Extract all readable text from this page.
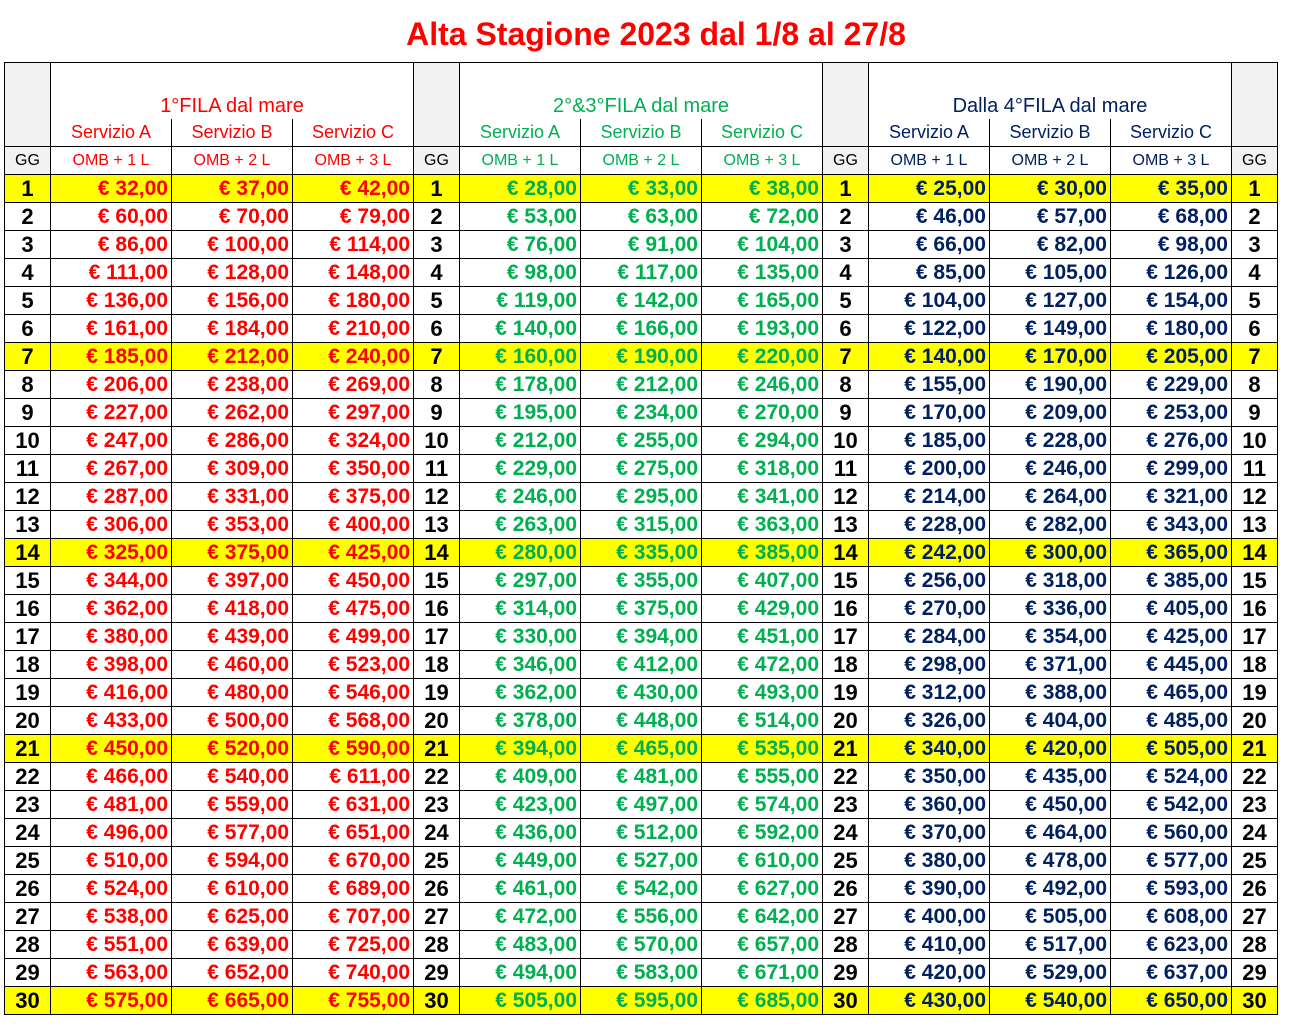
Alta Stagione 2023 dal 1/8 al 27/8
	1°FILA dal mare				2°&3°FILA dal mare				Dalla 4°FILA dal mare			
	Servizio A	Servizio B	Servizio C		Servizio A	Servizio B	Servizio C		Servizio A	Servizio B	Servizio C	
GG	OMB + 1 L	OMB + 2 L	OMB + 3 L	GG	OMB + 1 L	OMB + 2 L	OMB + 3 L	GG	OMB + 1 L	OMB + 2 L	OMB + 3 L	GG
1	€ 32,00	€ 37,00	€ 42,00	1	€ 28,00	€ 33,00	€ 38,00	1	€ 25,00	€ 30,00	€ 35,00	1
2	€ 60,00	€ 70,00	€ 79,00	2	€ 53,00	€ 63,00	€ 72,00	2	€ 46,00	€ 57,00	€ 68,00	2
3	€ 86,00	€ 100,00	€ 114,00	3	€ 76,00	€ 91,00	€ 104,00	3	€ 66,00	€ 82,00	€ 98,00	3
4	€ 111,00	€ 128,00	€ 148,00	4	€ 98,00	€ 117,00	€ 135,00	4	€ 85,00	€ 105,00	€ 126,00	4
5	€ 136,00	€ 156,00	€ 180,00	5	€ 119,00	€ 142,00	€ 165,00	5	€ 104,00	€ 127,00	€ 154,00	5
6	€ 161,00	€ 184,00	€ 210,00	6	€ 140,00	€ 166,00	€ 193,00	6	€ 122,00	€ 149,00	€ 180,00	6
7	€ 185,00	€ 212,00	€ 240,00	7	€ 160,00	€ 190,00	€ 220,00	7	€ 140,00	€ 170,00	€ 205,00	7
8	€ 206,00	€ 238,00	€ 269,00	8	€ 178,00	€ 212,00	€ 246,00	8	€ 155,00	€ 190,00	€ 229,00	8
9	€ 227,00	€ 262,00	€ 297,00	9	€ 195,00	€ 234,00	€ 270,00	9	€ 170,00	€ 209,00	€ 253,00	9
10	€ 247,00	€ 286,00	€ 324,00	10	€ 212,00	€ 255,00	€ 294,00	10	€ 185,00	€ 228,00	€ 276,00	10
11	€ 267,00	€ 309,00	€ 350,00	11	€ 229,00	€ 275,00	€ 318,00	11	€ 200,00	€ 246,00	€ 299,00	11
12	€ 287,00	€ 331,00	€ 375,00	12	€ 246,00	€ 295,00	€ 341,00	12	€ 214,00	€ 264,00	€ 321,00	12
13	€ 306,00	€ 353,00	€ 400,00	13	€ 263,00	€ 315,00	€ 363,00	13	€ 228,00	€ 282,00	€ 343,00	13
14	€ 325,00	€ 375,00	€ 425,00	14	€ 280,00	€ 335,00	€ 385,00	14	€ 242,00	€ 300,00	€ 365,00	14
15	€ 344,00	€ 397,00	€ 450,00	15	€ 297,00	€ 355,00	€ 407,00	15	€ 256,00	€ 318,00	€ 385,00	15
16	€ 362,00	€ 418,00	€ 475,00	16	€ 314,00	€ 375,00	€ 429,00	16	€ 270,00	€ 336,00	€ 405,00	16
17	€ 380,00	€ 439,00	€ 499,00	17	€ 330,00	€ 394,00	€ 451,00	17	€ 284,00	€ 354,00	€ 425,00	17
18	€ 398,00	€ 460,00	€ 523,00	18	€ 346,00	€ 412,00	€ 472,00	18	€ 298,00	€ 371,00	€ 445,00	18
19	€ 416,00	€ 480,00	€ 546,00	19	€ 362,00	€ 430,00	€ 493,00	19	€ 312,00	€ 388,00	€ 465,00	19
20	€ 433,00	€ 500,00	€ 568,00	20	€ 378,00	€ 448,00	€ 514,00	20	€ 326,00	€ 404,00	€ 485,00	20
21	€ 450,00	€ 520,00	€ 590,00	21	€ 394,00	€ 465,00	€ 535,00	21	€ 340,00	€ 420,00	€ 505,00	21
22	€ 466,00	€ 540,00	€ 611,00	22	€ 409,00	€ 481,00	€ 555,00	22	€ 350,00	€ 435,00	€ 524,00	22
23	€ 481,00	€ 559,00	€ 631,00	23	€ 423,00	€ 497,00	€ 574,00	23	€ 360,00	€ 450,00	€ 542,00	23
24	€ 496,00	€ 577,00	€ 651,00	24	€ 436,00	€ 512,00	€ 592,00	24	€ 370,00	€ 464,00	€ 560,00	24
25	€ 510,00	€ 594,00	€ 670,00	25	€ 449,00	€ 527,00	€ 610,00	25	€ 380,00	€ 478,00	€ 577,00	25
26	€ 524,00	€ 610,00	€ 689,00	26	€ 461,00	€ 542,00	€ 627,00	26	€ 390,00	€ 492,00	€ 593,00	26
27	€ 538,00	€ 625,00	€ 707,00	27	€ 472,00	€ 556,00	€ 642,00	27	€ 400,00	€ 505,00	€ 608,00	27
28	€ 551,00	€ 639,00	€ 725,00	28	€ 483,00	€ 570,00	€ 657,00	28	€ 410,00	€ 517,00	€ 623,00	28
29	€ 563,00	€ 652,00	€ 740,00	29	€ 494,00	€ 583,00	€ 671,00	29	€ 420,00	€ 529,00	€ 637,00	29
30	€ 575,00	€ 665,00	€ 755,00	30	€ 505,00	€ 595,00	€ 685,00	30	€ 430,00	€ 540,00	€ 650,00	30
